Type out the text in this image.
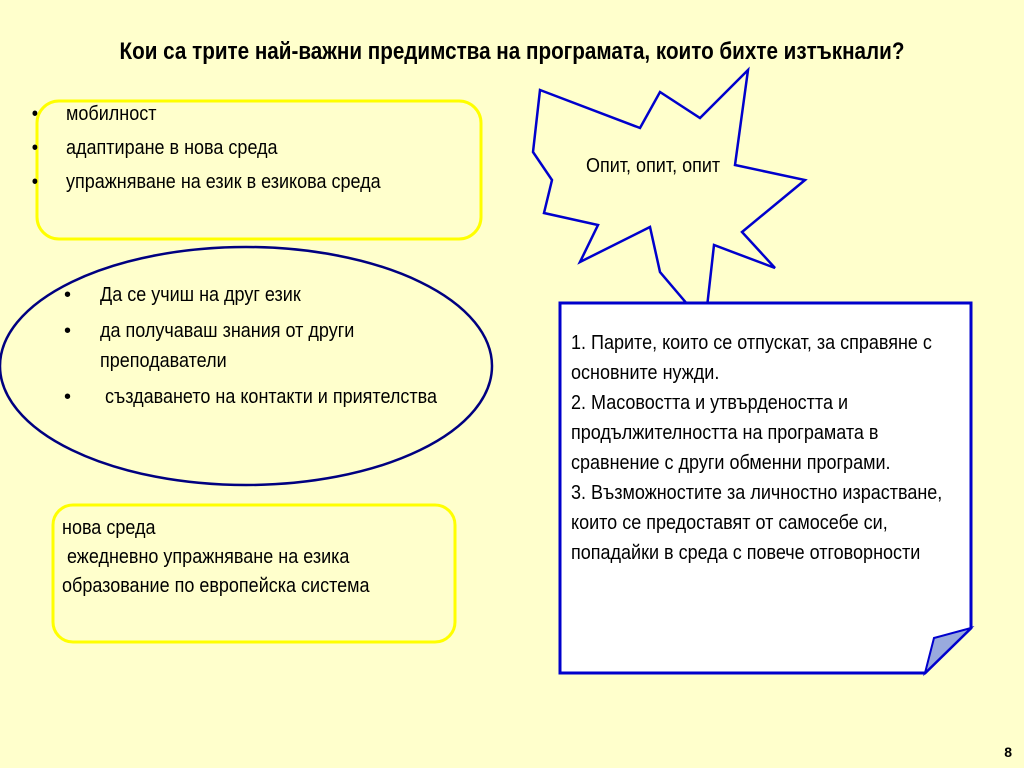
Кои са трите най-важни предимства на програмата, които бихте изтъкнали?
• мобилност
• адаптиране в нова среда
• упражняване на език в езикова среда
Опит, опит, опит
• Да се учиш на друг език
• да получаваш знания от други преподаватели
•  създаването на контакти и приятелства
нова среда
ежедневно упражняване на езика
образование по европейска система
1. Парите, които се отпускат, за справяне с основните нужди.
2. Масовостта и утвърдеността и продължителността на програмата в сравнение с други обменни програми.
3. Възможностите за личностно израстване, които се предоставят от самосебе си, попадайки в среда с повече отговорности
8
